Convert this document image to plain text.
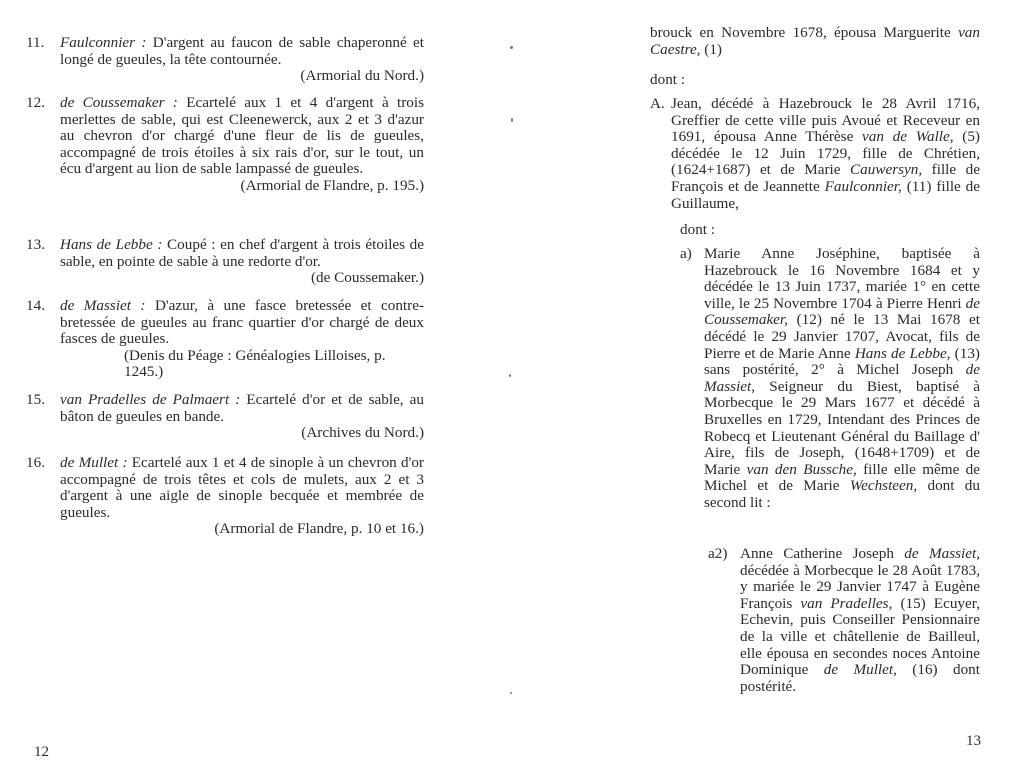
11. Faulconnier : D'argent au faucon de sable chaperonné et longé de gueules, la tête contournée.
(Armorial du Nord.)
12. de Coussemaker : Ecartelé aux 1 et 4 d'argent à trois merlettes de sable, qui est Cleenewerck, aux 2 et 3 d'azur au chevron d'or chargé d'une fleur de lis de gueules, accompagné de trois étoiles à six rais d'or, sur le tout, un écu d'argent au lion de sable lampassé de gueules.
(Armorial de Flandre, p. 195.)
13. Hans de Lebbe : Coupé : en chef d'argent à trois étoiles de sable, en pointe de sable à une redorte d'or.
(de Coussemaker.)
14. de Massiet : D'azur, à une fasce bretessée et contre-bretessée de gueules au franc quartier d'or chargé de deux fasces de gueules.
(Denis du Péage : Généalogies Lilloises, p. 1245.)
15. van Pradelles de Palmaert : Ecartelé d'or et de sable, au bâton de gueules en bande.
(Archives du Nord.)
16. de Mullet : Ecartelé aux 1 et 4 de sinople à un chevron d'or accompagné de trois têtes et cols de mulets, aux 2 et 3 d'argent à une aigle de sinople becquée et membrée de gueules.
(Armorial de Flandre, p. 10 et 16.)
12
brouck en Novembre 1678, épousa Marguerite van Caestre, (1)
dont :
A. Jean, décédé à Hazebrouck le 28 Avril 1716, Greffier de cette ville puis Avoué et Receveur en 1691, épousa Anne Thérèse van de Walle, (5) décédée le 12 Juin 1729, fille de Chrétien, (1624+1687) et de Marie Cauwersyn, fille de François et de Jeannette Faulconnier, (11) fille de Guillaume,
dont :
a) Marie Anne Joséphine, baptisée à Hazebrouck le 16 Novembre 1684 et y décédée le 13 Juin 1737, mariée 1° en cette ville, le 25 Novembre 1704 à Pierre Henri de Coussemaker, (12) né le 13 Mai 1678 et décédé le 29 Janvier 1707, Avocat, fils de Pierre et de Marie Anne Hans de Lebbe, (13) sans postérité, 2° à Michel Joseph de Massiet, Seigneur du Biest, baptisé à Morbecque le 29 Mars 1677 et décédé à Bruxelles en 1729, Intendant des Princes de Robecq et Lieutenant Général du Baillage d' Aire, fils de Joseph, (1648+1709) et de Marie van den Bussche, fille elle même de Michel et de Marie Wechsteen, dont du second lit :
a2) Anne Catherine Joseph de Massiet, décédée à Morbecque le 28 Août 1783, y mariée le 29 Janvier 1747 à Eugène François van Pradelles, (15) Ecuyer, Echevin, puis Conseiller Pensionnaire de la ville et châtellenie de Bailleul, elle épousa en secondes noces Antoine Dominique de Mullet, (16) dont postérité.
13
